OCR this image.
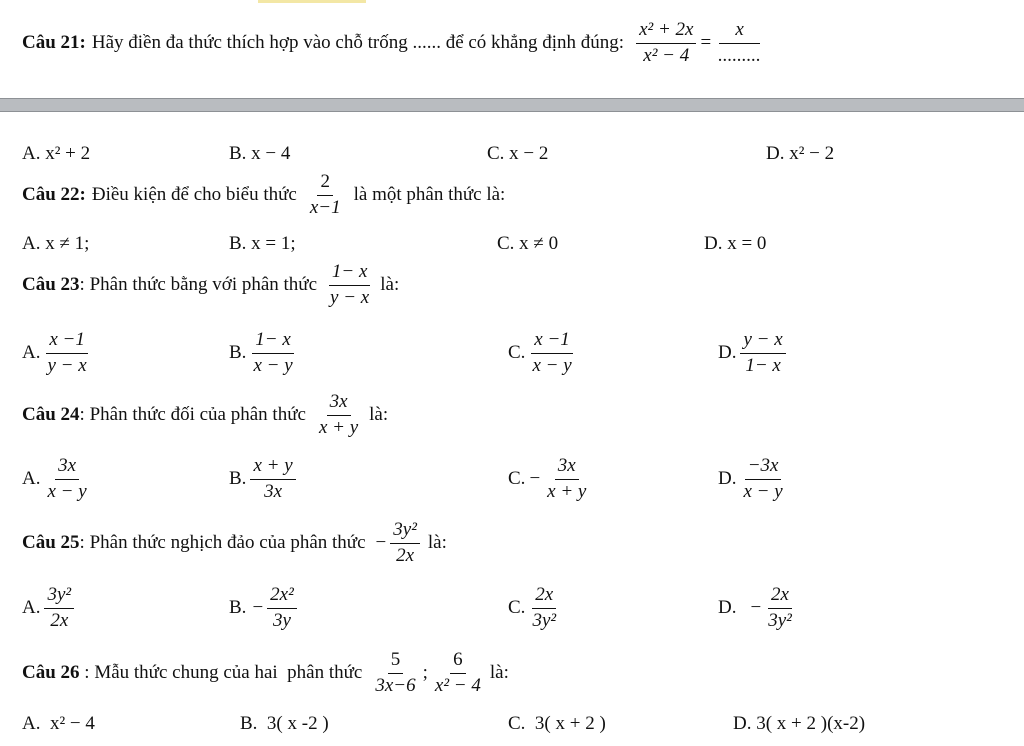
Câu 21: Hãy điền đa thức thích hợp vào chỗ trống ...... để có khẳng định đúng: $\frac{\text{x² + 2x}}{\text{x² − 4}} = \frac{x}{.........}$
A. x² + 2	B. x − 4	C. x − 2	D. x² − 2
Câu 22: Điều kiện để cho biểu thức $\frac{2}{x-1}$ là một phân thức là:
A. x ≠ 1;	B. x = 1;	C. x ≠ 0	D. x = 0
Câu 23 : Phân thức bằng với phân thức $\frac{1- x}{y - x}$ là:
A. $\frac{x -1}{y - x}$	B. $\frac{1- x}{x - y}$	C. $\frac{x -1}{x - y}$	D. $\frac{y - x}{1- x}$
Câu 24 : Phân thức đối của phân thức $\frac{3x}{x + y}$ là:
A. $\frac{3x}{x - y}$	B. $\frac{x + y}{3x}$	C. − $\frac{3x}{x + y}$	D. $\frac{-3x}{x - y}$
Câu 25 : Phân thức nghịch đảo của phân thức − $\frac{\text{3y²}}{2x}$ là:
A. $\frac{\text{3y²}}{2x}$	B. − $\frac{\text{2x²}}{3y}$	C. $\frac{2x}{\text{3y²}}$	D. − $\frac{2x}{\text{3y²}}$
Câu 26 : Mẫu thức chung của hai  phân thức $\frac{5}{3x-6}$ ; $\frac{6}{\text{x² − 4}}$ là:
A.  x² − 4	B.  3( x -2 )	C.  3( x + 2 )	D. 3( x + 2 )(x-2)
